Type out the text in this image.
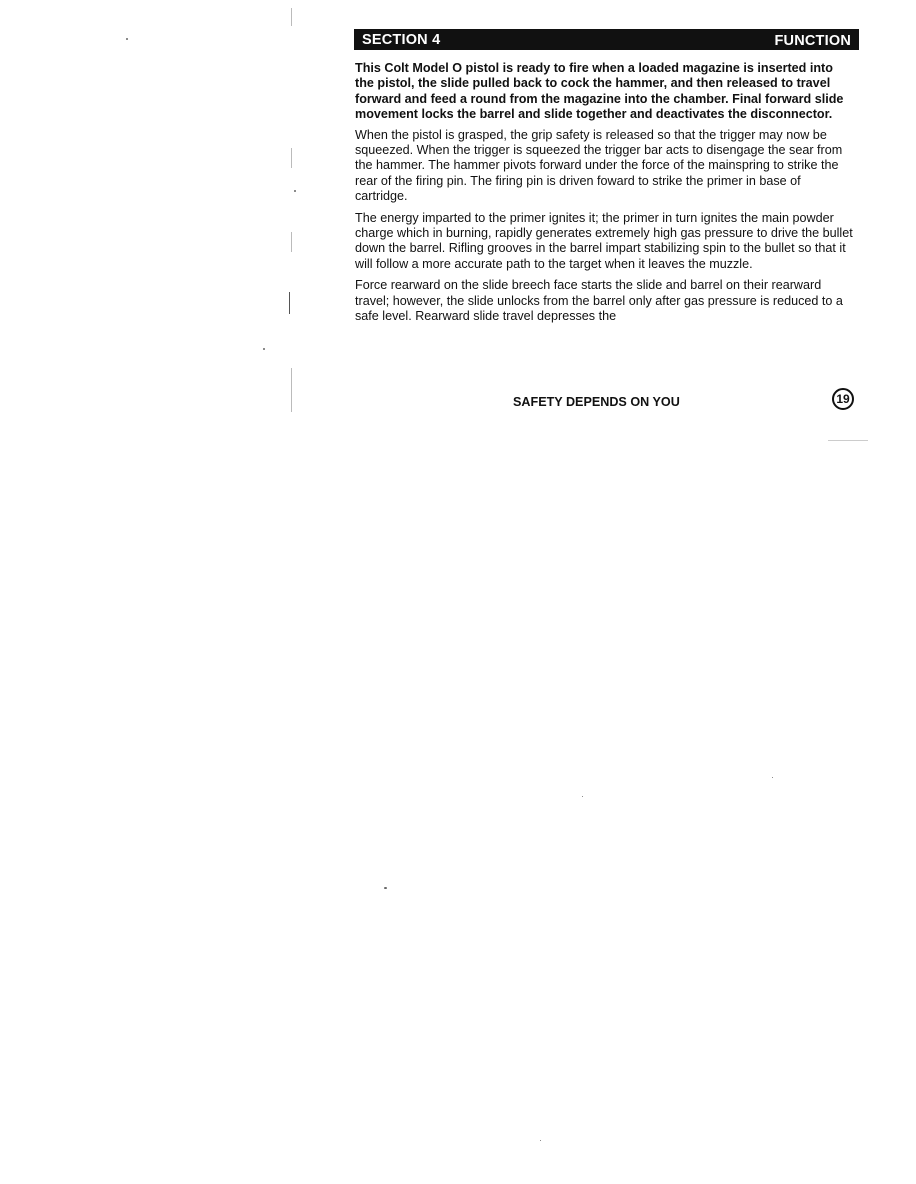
SECTION 4	FUNCTION

This Colt Model O pistol is ready to fire when a loaded magazine is inserted into the pistol, the slide pulled back to cock the hammer, and then released to travel forward and feed a round from the magazine into the chamber. Final forward slide movement locks the barrel and slide together and deactivates the disconnector.

When the pistol is grasped, the grip safety is released so that the trigger may now be squeezed. When the trigger is squeezed the trigger bar acts to disengage the sear from the hammer. The hammer pivots forward under the force of the mainspring to strike the rear of the firing pin. The firing pin is driven foward to strike the primer in base of cartridge.

The energy imparted to the primer ignites it; the primer in turn ignites the main powder charge which in burning, rapidly generates extremely high gas pressure to drive the bullet down the barrel. Rifling grooves in the barrel impart stabilizing spin to the bullet so that it will follow a more accurate path to the target when it leaves the muzzle.

Force rearward on the slide breech face starts the slide and barrel on their rearward travel; however, the slide unlocks from the barrel only after gas pressure is reduced to a safe level. Rearward slide travel depresses the

SAFETY DEPENDS ON YOU	19
